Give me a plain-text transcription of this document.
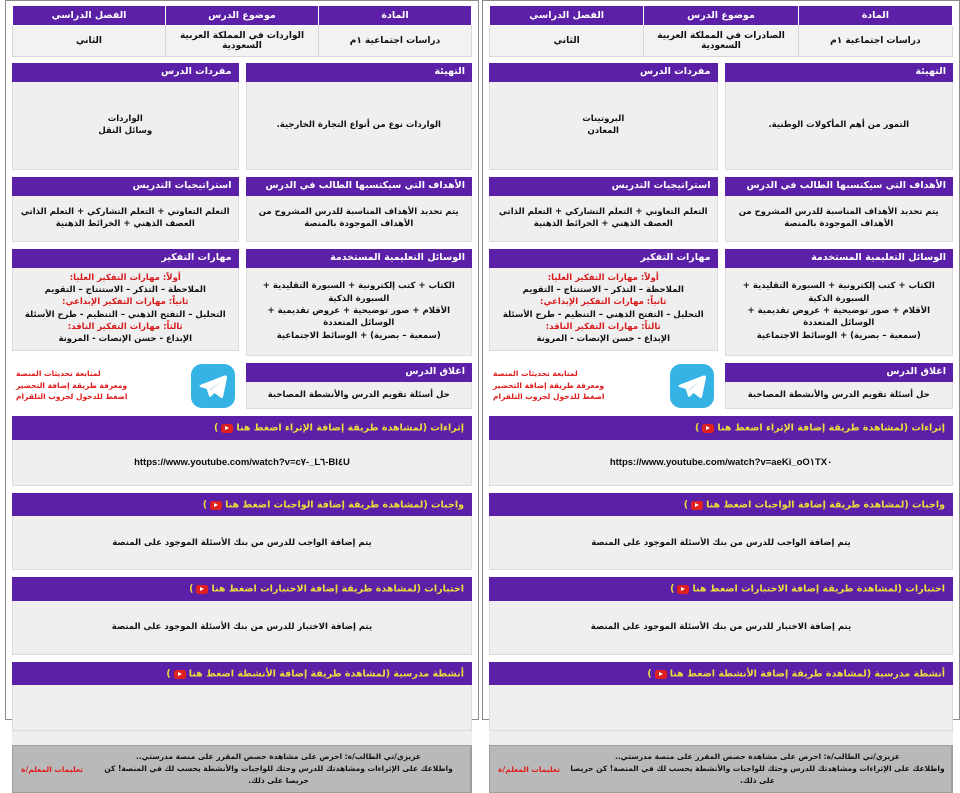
المادة	موضوع الدرس	الفصل الدراسي
دراسات اجتماعية ١م	الصادرات في المملكة العربية السعودية	الثاني
التهيئة
التمور من أهم المأكولات الوطنية.
الأهداف التي سيكتسبها الطالب في الدرس
يتم تحديد الأهداف المناسبة للدرس المشروح من الأهداف الموجودة بالمنصة
الوسائل التعليمية المستخدمة
الكتاب + كتب إلكترونية + السبورة التقليدية + السبورة الذكية
الأقلام + صور توضيحية + عروض تقديمية + الوسائل المتعددة
(سمعية – بصرية) + الوسائط الاجتماعية
اغلاق الدرس
حل أسئلة تقويم الدرس والأنشطة المصاحبة
مفردات الدرس
البروتينات
المعادن
استراتيجيات التدريس
التعلم التعاوني + التعلم التشاركي + التعلم الذاتي
العصف الذهني + الخرائط الذهنية
مهارات التفكير
أولاً: مهارات التفكير العليا:
الملاحظة – التذكر – الاستنتاج – التقويم
ثانياً: مهارات التفكير الإبداعي:
التحليل – التفتح الذهني – التنظيم - طرح الأسئلة
ثالثاً: مهارات التفكير الناقد:
الإبداع - حسن الإنصات - المرونة
لمتابعة تحديثات المنصة
ومعرفة طريقة إضافة التحضير
اضغط للدخول لجروب التلقرام
إثراءات (لمشاهدة طريقة إضافة الإثراء اضغط هنا)
https://www.youtube.com/watch?v=aeKi_oO١TX٠
واجبات (لمشاهدة طريقة إضافة الواجبات اضغط هنا)
يتم إضافة الواجب للدرس من بنك الأسئلة الموجود على المنصة
اختبارات (لمشاهدة طريقة إضافة الاختبارات اضغط هنا)
يتم إضافة الاختبار للدرس من بنك الأسئلة الموجود على المنصة
أنشطة مدرسية (لمشاهدة طريقة إضافة الأنشطة اضغط هنا)
عزيزي/تي الطالب/ة: احرص على مشاهدة حصص المقرر على منصة مدرستي..
واطلاعك على الإثراءات ومشاهدتك للدرس وحثك للواجبات والأنشطة يحسب لك في المنصة! كن حريصا على ذلك.
تعليمات المعلم/ة
المادة	موضوع الدرس	الفصل الدراسي
دراسات اجتماعية ١م	الواردات في المملكة العربية السعودية	الثاني
التهيئة
الواردات نوع من أنواع التجارة الخارجية.
الأهداف التي سيكتسبها الطالب في الدرس
يتم تحديد الأهداف المناسبة للدرس المشروح من الأهداف الموجودة بالمنصة
الوسائل التعليمية المستخدمة
الكتاب + كتب إلكترونية + السبورة التقليدية + السبورة الذكية
الأقلام + صور توضيحية + عروض تقديمية + الوسائل المتعددة
(سمعية – بصرية) + الوسائط الاجتماعية
اغلاق الدرس
حل أسئلة تقويم الدرس والأنشطة المصاحبة
مفردات الدرس
الواردات
وسائل النقل
استراتيجيات التدريس
التعلم التعاوني + التعلم التشاركي + التعلم الذاتي
العصف الذهني + الخرائط الذهنية
مهارات التفكير
أولاً: مهارات التفكير العليا:
الملاحظة – التذكر – الاستنتاج – التقويم
ثانياً: مهارات التفكير الإبداعي:
التحليل – التفتح الذهني – التنظيم - طرح الأسئلة
ثالثاً: مهارات التفكير الناقد:
الإبداع - حسن الإنصات - المرونة
لمتابعة تحديثات المنصة
ومعرفة طريقة إضافة التحضير
اضغط للدخول لجروب التلقرام
إثراءات (لمشاهدة طريقة إضافة الإثراء اضغط هنا)
https://www.youtube.com/watch?v=c٧-_L٦-BI٤U
واجبات (لمشاهدة طريقة إضافة الواجبات اضغط هنا)
يتم إضافة الواجب للدرس من بنك الأسئلة الموجود على المنصة
اختبارات (لمشاهدة طريقة إضافة الاختبارات اضغط هنا)
يتم إضافة الاختبار للدرس من بنك الأسئلة الموجود على المنصة
أنشطة مدرسية (لمشاهدة طريقة إضافة الأنشطة اضغط هنا)
عزيزي/تي الطالب/ة: احرص على مشاهدة حصص المقرر على منصة مدرستي..
واطلاعك على الإثراءات ومشاهدتك للدرس وحثك للواجبات والأنشطة يحسب لك في المنصة! كن حريصا على ذلك.
تعليمات المعلم/ة
